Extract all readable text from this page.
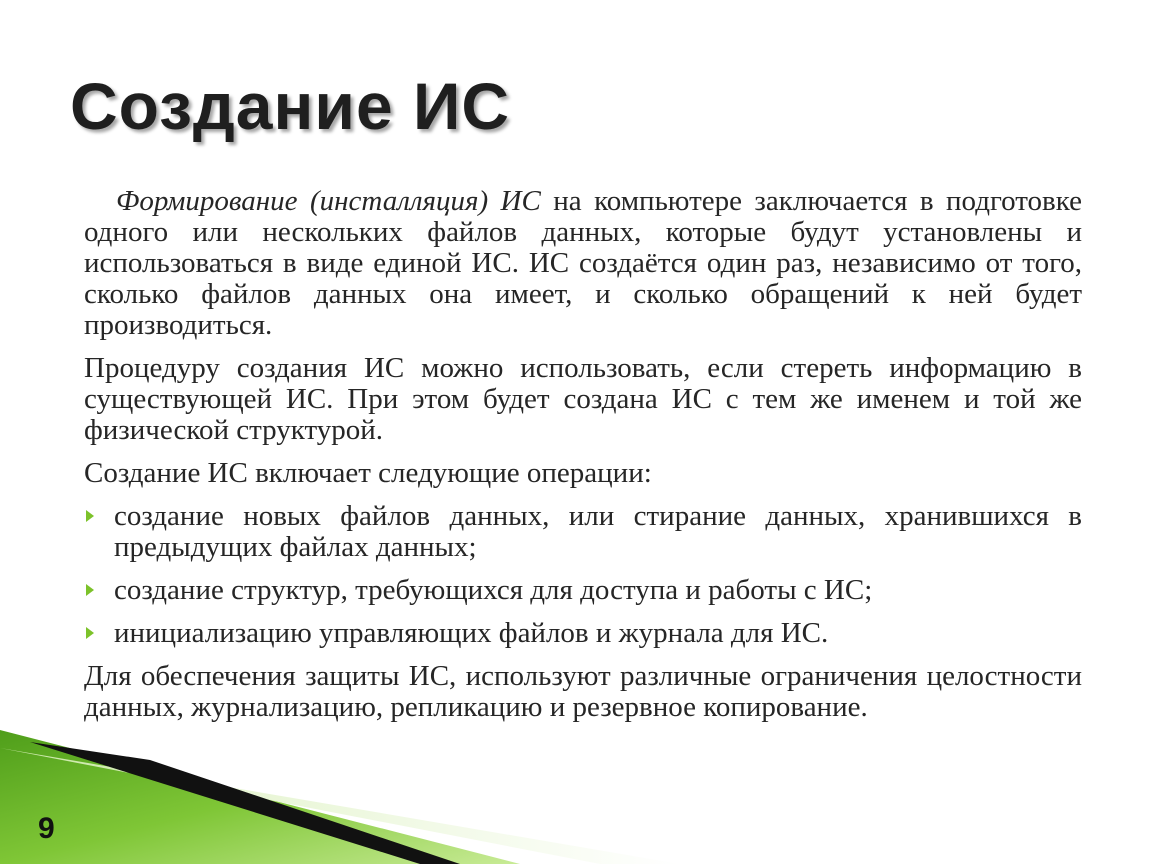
Создание ИС

Формирование (инсталляция) ИС на компьютере заключается в подготовке одного или нескольких файлов данных, которые будут установлены и использоваться в виде единой ИС. ИС создаётся один раз, независимо от того, сколько файлов данных она имеет, и сколько обращений к ней будет производиться.

Процедуру создания ИС можно использовать, если стереть информацию в существующей ИС. При этом будет создана ИС с тем же именем и той же физической структурой.

Создание ИС включает следующие операции:

создание новых файлов данных, или стирание данных, хранившихся в предыдущих файлах данных;
создание структур, требующихся для доступа и работы с ИС;
инициализацию управляющих файлов и журнала для ИС.

Для обеспечения защиты ИС, используют различные ограничения целостности данных, журнализацию, репликацию и резервное копирование.

9
